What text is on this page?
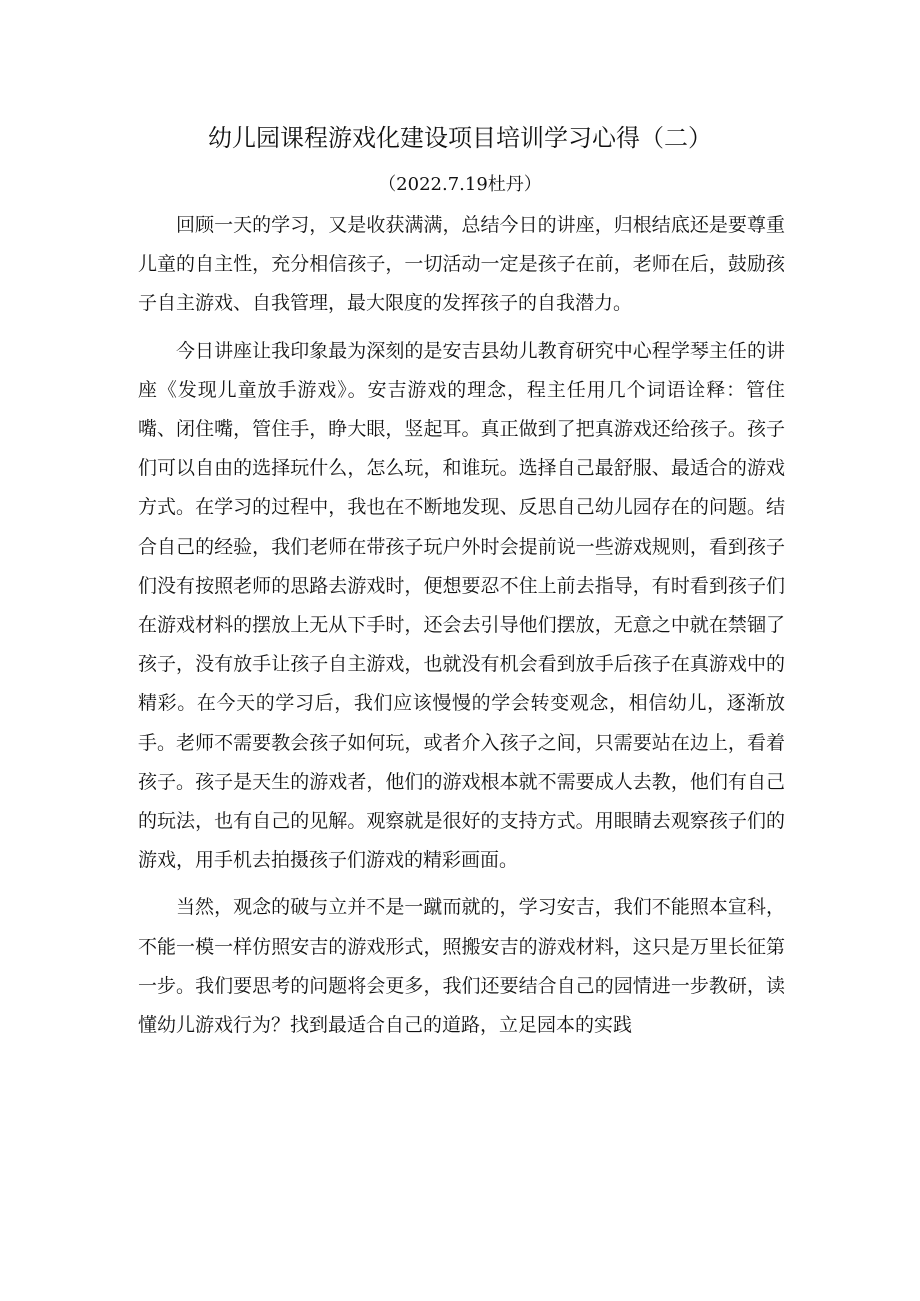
幼儿园课程游戏化建设项目培训学习心得（二）
（2022.7.19杜丹）

回顾一天的学习，又是收获满满，总结今日的讲座，归根结底还是要尊重儿童的自主性，充分相信孩子，一切活动一定是孩子在前，老师在后，鼓励孩子自主游戏、自我管理，最大限度的发挥孩子的自我潜力。

今日讲座让我印象最为深刻的是安吉县幼儿教育研究中心程学琴主任的讲座《发现儿童放手游戏》。安吉游戏的理念，程主任用几个词语诠释：管住嘴、闭住嘴，管住手，睁大眼，竖起耳。真正做到了把真游戏还给孩子。孩子们可以自由的选择玩什么，怎么玩，和谁玩。选择自己最舒服、最适合的游戏方式。在学习的过程中，我也在不断地发现、反思自己幼儿园存在的问题。结合自己的经验，我们老师在带孩子玩户外时会提前说一些游戏规则，看到孩子们没有按照老师的思路去游戏时，便想要忍不住上前去指导，有时看到孩子们在游戏材料的摆放上无从下手时，还会去引导他们摆放，无意之中就在禁锢了孩子，没有放手让孩子自主游戏，也就没有机会看到放手后孩子在真游戏中的精彩。在今天的学习后，我们应该慢慢的学会转变观念，相信幼儿，逐渐放手。老师不需要教会孩子如何玩，或者介入孩子之间，只需要站在边上，看着孩子。孩子是天生的游戏者，他们的游戏根本就不需要成人去教，他们有自己的玩法，也有自己的见解。观察就是很好的支持方式。用眼睛去观察孩子们的游戏，用手机去拍摄孩子们游戏的精彩画面。

当然，观念的破与立并不是一蹴而就的，学习安吉，我们不能照本宣科，不能一模一样仿照安吉的游戏形式，照搬安吉的游戏材料，这只是万里长征第一步。我们要思考的问题将会更多，我们还要结合自己的园情进一步教研，读懂幼儿游戏行为？找到最适合自己的道路，立足园本的实践
